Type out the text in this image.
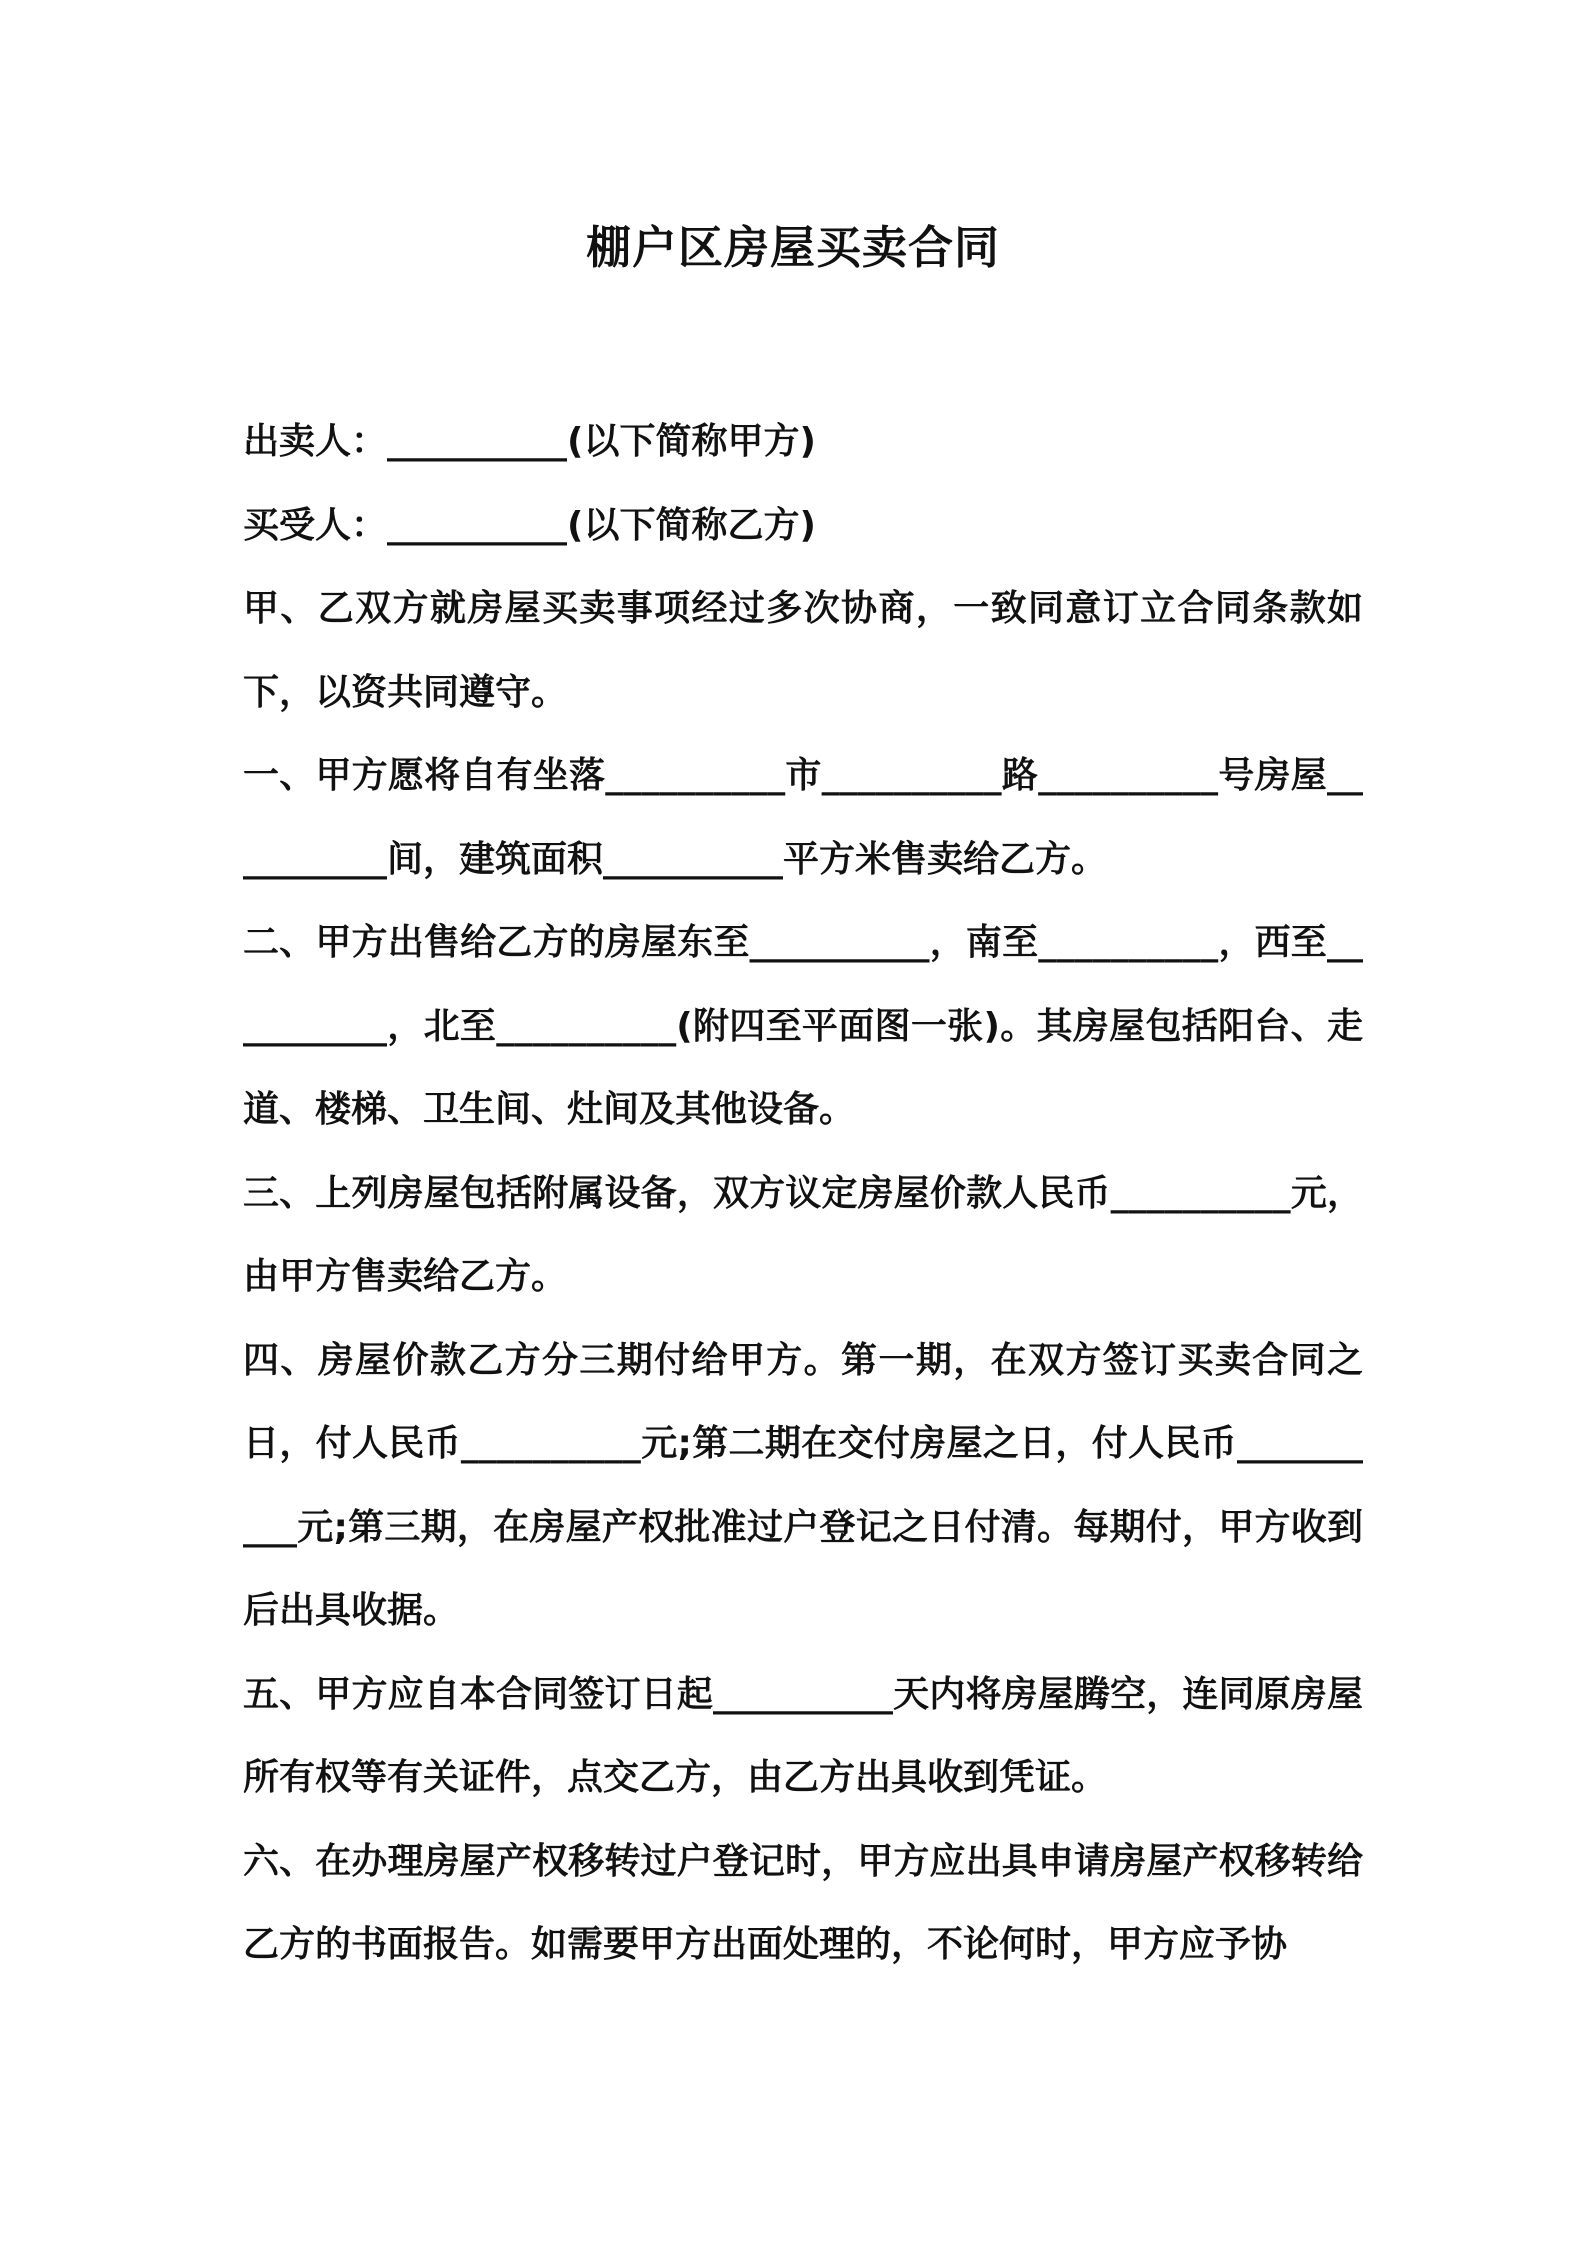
棚户区房屋买卖合同

出卖人：__________(以下简称甲方)

买受人：__________(以下简称乙方)

甲、乙双方就房屋买卖事项经过多次协商，一致同意订立合同条款如下，以资共同遵守。

一、甲方愿将自有坐落__________市__________路__________号房屋__________间，建筑面积__________平方米售卖给乙方。

二、甲方出售给乙方的房屋东至__________，南至__________，西至__________，北至__________(附四至平面图一张)。其房屋包括阳台、走道、楼梯、卫生间、灶间及其他设备。

三、上列房屋包括附属设备，双方议定房屋价款人民币__________元，由甲方售卖给乙方。

四、房屋价款乙方分三期付给甲方。第一期，在双方签订买卖合同之日，付人民币__________元;第二期在交付房屋之日，付人民币__________元;第三期，在房屋产权批准过户登记之日付清。每期付，甲方收到后出具收据。

五、甲方应自本合同签订日起__________天内将房屋腾空，连同原房屋所有权等有关证件，点交乙方，由乙方出具收到凭证。

六、在办理房屋产权移转过户登记时，甲方应出具申请房屋产权移转给乙方的书面报告。如需要甲方出面处理的，不论何时，甲方应予协
